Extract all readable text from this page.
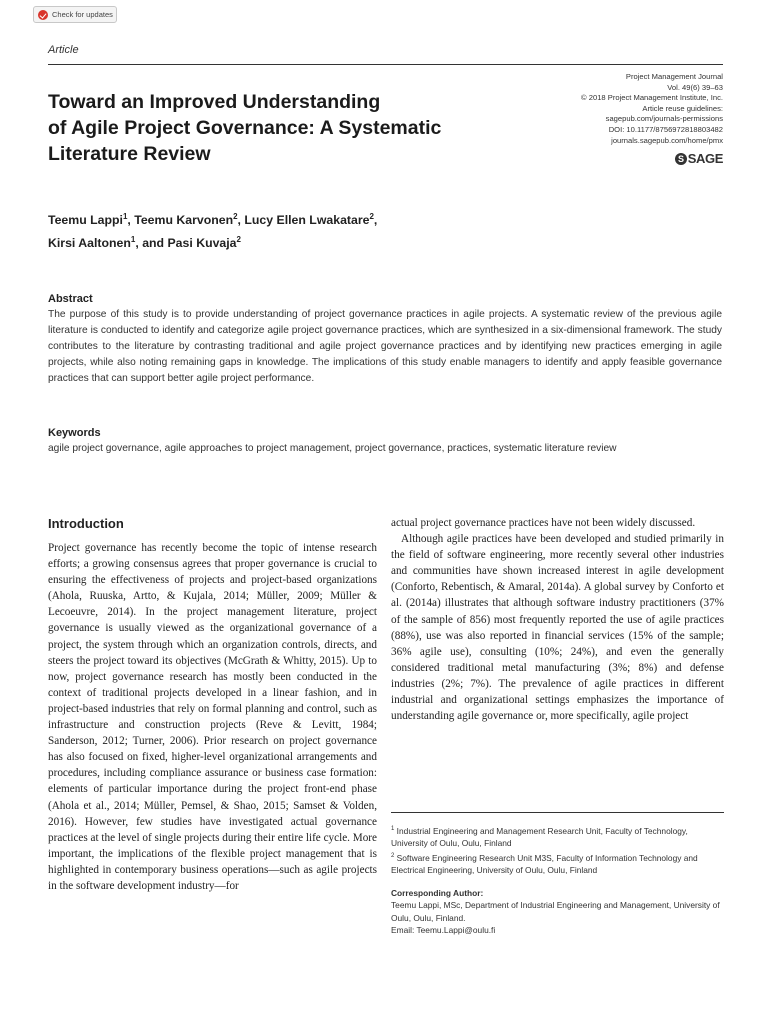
Check for updates
Article
Project Management Journal
Vol. 49(6) 39–63
© 2018 Project Management Institute, Inc.
Article reuse guidelines:
sagepub.com/journals-permissions
DOI: 10.1177/8756972818803482
journals.sagepub.com/home/pmx
S SAGE
Toward an Improved Understanding
of Agile Project Governance: A Systematic
Literature Review
Teemu Lappi$^1$, Teemu Karvonen$^2$, Lucy Ellen Lwakatare$^2$,
Kirsi Aaltonen$^1$, and Pasi Kuvaja$^2$
Abstract
The purpose of this study is to provide understanding of project governance practices in agile projects. A systematic review of the previous agile literature is conducted to identify and categorize agile project governance practices, which are synthesized in a six-dimensional framework. The study contributes to the literature by contrasting traditional and agile project governance practices and by identifying new practices emerging in agile projects, while also noting remaining gaps in knowledge. The implications of this study enable managers to identify and apply feasible governance practices that can support better agile project performance.
Keywords
agile project governance, agile approaches to project management, project governance, practices, systematic literature review
Introduction
Project governance has recently become the topic of intense research efforts; a growing consensus agrees that proper governance is crucial to ensuring the effectiveness of projects and project-based organizations (Ahola, Ruuska, Artto, & Kujala, 2014; Müller, 2009; Müller & Lecoeuvre, 2014). In the project management literature, project governance is usually viewed as the organizational governance of a project, the system through which an organization controls, directs, and steers the project toward its objectives (McGrath & Whitty, 2015). Up to now, project governance research has mostly been conducted in the context of traditional projects developed in a linear fashion, and in project-based industries that rely on formal planning and control, such as infrastructure and construction projects (Reve & Levitt, 1984; Sanderson, 2012; Turner, 2006). Prior research on project governance has also focused on fixed, higher-level organizational arrangements and procedures, including compliance assurance or business case formation: elements of particular importance during the project front-end phase (Ahola et al., 2014; Müller, Pemsel, & Shao, 2015; Samset & Volden, 2016). However, few studies have investigated actual governance practices at the level of single projects during their entire life cycle. More important, the implications of the flexible project management that is highlighted in contemporary business operations—such as agile projects in the software development industry—for

actual project governance practices have not been widely discussed.

Although agile practices have been developed and studied primarily in the field of software engineering, more recently several other industries and communities have shown increased interest in agile development (Conforto, Rebentisch, & Amaral, 2014a). A global survey by Conforto et al. (2014a) illustrates that although software industry practitioners (37% of the sample of 856) most frequently reported the use of agile practices (88%), use was also reported in financial services (15% of the sample; 36% agile use), consulting (10%; 24%), and even the generally considered traditional metal manufacturing (3%; 8%) and defense industries (2%; 7%). The prevalence of agile practices in different industrial and organizational settings emphasizes the importance of understanding agile governance or, more specifically, agile project

$^1$ Industrial Engineering and Management Research Unit, Faculty of Technology, University of Oulu, Oulu, Finland
$^2$ Software Engineering Research Unit M3S, Faculty of Information Technology and Electrical Engineering, University of Oulu, Oulu, Finland
Corresponding Author:
Teemu Lappi, MSc, Department of Industrial Engineering and Management, University of Oulu, Oulu, Finland.
Email: Teemu.Lappi@oulu.fi
